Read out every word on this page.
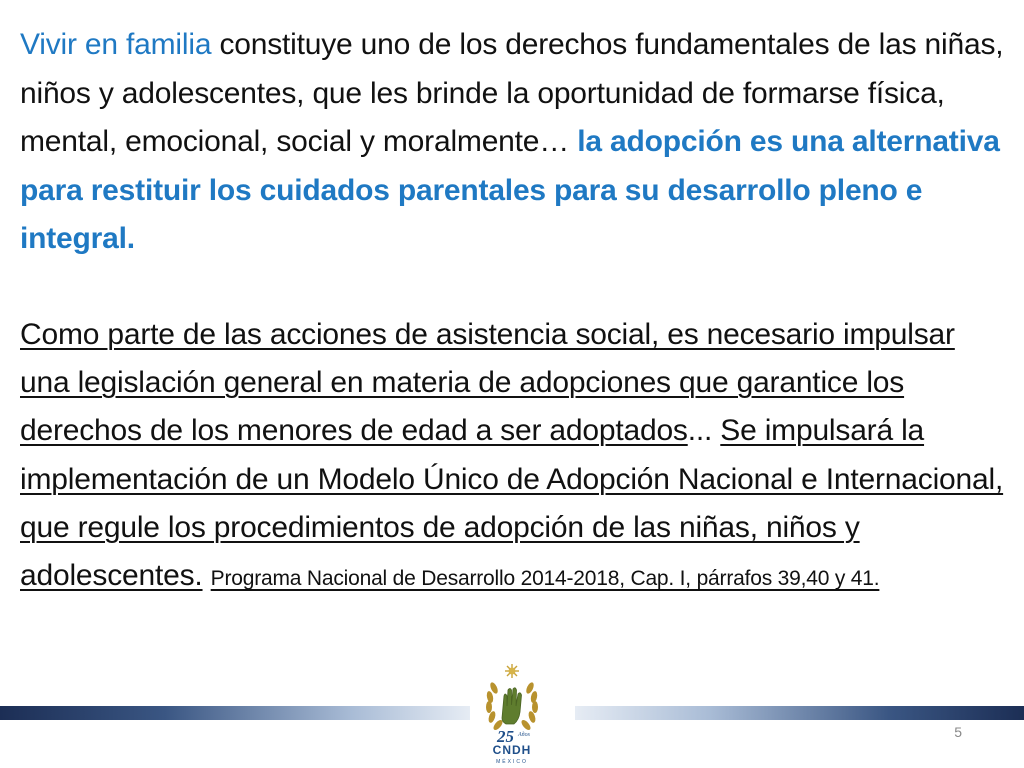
Vivir en familia constituye uno de los derechos fundamentales de las niñas, niños y adolescentes, que les brinde la oportunidad de formarse física, mental, emocional, social y moralmente… la adopción es una alternativa para restituir los cuidados parentales para su desarrollo pleno e integral.

Como parte de las acciones de asistencia social, es necesario impulsar una legislación general en materia de adopciones que garantice los derechos de los menores de edad a ser adoptados... Se impulsará la implementación de un Modelo Único de Adopción Nacional e Internacional, que regule los procedimientos de adopción de las niñas, niños y adolescentes. Programa Nacional de Desarrollo 2014-2018, Cap. I, párrafos 39,40 y 41.

25 Años
CNDH
MÉXICO
5
